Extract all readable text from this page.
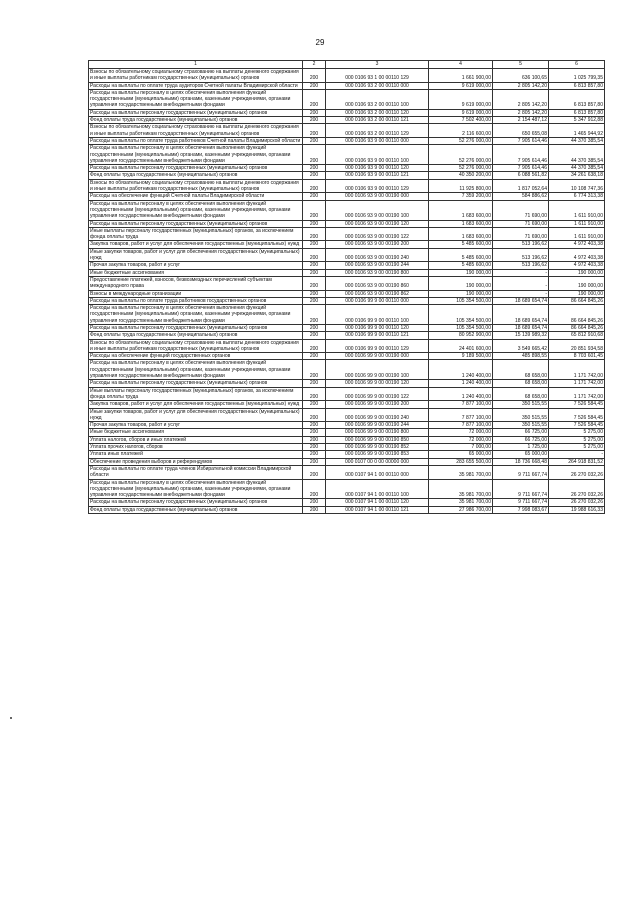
29
1	2	3	4	5	6
Взносы по обязательному социальному страхованию на выплаты денежного содержания и иные выплаты работникам государственных (муниципальных) органов	200	000 0106 93 1 00 00110 129	1 661 900,00	636 100,65	1 025 799,35
Расходы на выплаты по оплате труда аудиторов Счетной палаты Владимирской области	200	000 0106 93 2 00 00110 000	9 619 000,00	2 805 142,20	6 813 857,80
Расходы на выплаты персоналу в целях обеспечения выполнения функций государственными (муниципальными) органами, казенными учреждениями, органами управления государственными внебюджетными фондами	200	000 0106 93 2 00 00110 100	9 619 000,00	2 805 142,20	6 813 857,80
Расходы на выплаты персоналу государственных (муниципальных) органов	200	000 0106 93 2 00 00110 120	9 619 000,00	2 805 142,20	6 813 857,80
Фонд оплаты труда государственных (муниципальных) органов	200	000 0106 93 2 00 00110 121	7 502 400,00	2 154 487,12	5 347 912,88
Взносы по обязательному социальному страхованию на выплаты денежного содержания и иные выплаты работникам государственных (муниципальных) органов	200	000 0106 93 2 00 00110 129	2 116 600,00	650 655,08	1 465 944,92
Расходы на выплаты по оплате труда работников Счетной палаты Владимирской области	200	000 0106 93 9 00 00110 000	52 276 000,00	7 905 614,46	44 370 385,54
Расходы на выплаты персоналу в целях обеспечения выполнения функций государственными (муниципальными) органами, казенными учреждениями, органами управления государственными внебюджетными фондами	200	000 0106 93 9 00 00110 100	52 276 000,00	7 905 614,46	44 370 385,54
Расходы на выплаты персоналу государственных (муниципальных) органов	200	000 0106 93 9 00 00110 120	52 276 000,00	7 905 614,46	44 370 385,54
Фонд оплаты труда государственных (муниципальных) органов	200	000 0106 93 9 00 00110 121	40 350 200,00	6 088 561,82	34 261 638,18
Взносы по обязательному социальному страхованию на выплаты денежного содержания и иные выплаты работникам государственных (муниципальных) органов	200	000 0106 93 9 00 00110 129	11 925 800,00	1 817 052,64	10 108 747,36
Расходы на обеспечение функций Счетной палаты Владимирской области	200	000 0106 93 9 00 00190 000	7 359 200,00	584 886,62	6 774 313,38
Расходы на выплаты персоналу в целях обеспечения выполнения функций государственными (муниципальными) органами, казенными учреждениями, органами управления государственными внебюджетными фондами	200	000 0106 93 9 00 00190 100	1 683 600,00	71 690,00	1 611 910,00
Расходы на выплаты персоналу государственных (муниципальных) органов	200	000 0106 93 9 00 00190 120	1 683 600,00	71 690,00	1 611 910,00
Иные выплаты персоналу государственных (муниципальных) органов, за исключением фонда оплаты труда	200	000 0106 93 9 00 00190 122	1 683 600,00	71 690,00	1 611 910,00
Закупка товаров, работ и услуг для обеспечения государственных (муниципальных) нужд	200	000 0106 93 9 00 00190 200	5 485 600,00	513 196,62	4 972 403,38
Иные закупки товаров, работ и услуг для обеспечения государственных (муниципальных) нужд	200	000 0106 93 9 00 00190 240	5 485 600,00	513 196,62	4 972 403,38
Прочая закупка товаров, работ и услуг	200	000 0106 93 9 00 00190 244	5 485 600,00	513 196,62	4 972 403,38
Иные бюджетные ассигнования	200	000 0106 93 9 00 00190 800	190 000,00	-	190 000,00
Предоставление платежей, взносов, безвозмездных перечислений субъектам международного права	200	000 0106 93 9 00 00190 860	190 000,00	-	190 000,00
Взносы в международные организации	200	000 0106 93 9 00 00190 862	190 000,00	-	190 000,00
Расходы на выплаты по оплате труда работников государственных органов	200	000 0106 99 9 00 00110 000	105 354 500,00	18 689 654,74	86 664 845,26
Расходы на выплаты персоналу в целях обеспечения выполнения функций государственными (муниципальными) органами, казенными учреждениями, органами управления государственными внебюджетными фондами	200	000 0106 99 9 00 00110 100	105 354 500,00	18 689 654,74	86 664 845,26
Расходы на выплаты персоналу государственных (муниципальных) органов	200	000 0106 99 9 00 00110 120	105 354 500,00	18 689 654,74	86 664 845,26
Фонд оплаты труда государственных (муниципальных) органов	200	000 0106 99 9 00 00110 121	80 952 900,00	15 139 989,32	65 812 910,68
Взносы по обязательному социальному страхованию на выплаты денежного содержания и иные выплаты работникам государственных (муниципальных) органов	200	000 0106 99 9 00 00110 129	24 401 600,00	3 549 665,42	20 851 934,58
Расходы на обеспечение функций государственных органов	200	000 0106 99 9 00 00190 000	9 189 500,00	485 898,55	8 703 601,45
Расходы на выплаты персоналу в целях обеспечения выполнения функций государственными (муниципальными) органами, казенными учреждениями, органами управления государственными внебюджетными фондами	200	000 0106 99 9 00 00190 100	1 240 400,00	68 658,00	1 171 742,00
Расходы на выплаты персоналу государственных (муниципальных) органов	200	000 0106 99 9 00 00190 120	1 240 400,00	68 658,00	1 171 742,00
Иные выплаты персоналу государственных (муниципальных) органов, за исключением фонда оплаты труда	200	000 0106 99 9 00 00190 122	1 240 400,00	68 658,00	1 171 742,00
Закупка товаров, работ и услуг для обеспечения государственных (муниципальных) нужд	200	000 0106 99 9 00 00190 200	7 877 100,00	350 515,55	7 526 584,45
Иные закупки товаров, работ и услуг для обеспечения государственных (муниципальных) нужд	200	000 0106 99 9 00 00190 240	7 877 100,00	350 515,55	7 526 584,45
Прочая закупка товаров, работ и услуг	200	000 0106 99 9 00 00190 244	7 877 100,00	350 515,55	7 526 584,45
Иные бюджетные ассигнования	200	000 0106 99 9 00 00190 800	72 000,00	66 725,00	5 275,00
Уплата налогов, сборов и иных платежей	200	000 0106 99 9 00 00190 850	72 000,00	66 725,00	5 275,00
Уплата прочих налогов, сборов	200	000 0106 99 9 00 00190 852	7 000,00	1 725,00	5 275,00
Уплата иных платежей	200	000 0106 99 9 00 00190 853	65 000,00	65 000,00	-
Обеспечение проведения выборов и референдумов	200	000 0107 00 0 00 00000 000	283 655 500,00	18 736 668,48	264 918 831,52
Расходы на выплаты по оплате труда членов Избирательной комиссии Владимирской области	200	000 0107 94 1 00 00110 000	35 981 700,00	9 711 667,74	26 270 032,26
Расходы на выплаты персоналу в целях обеспечения выполнения функций государственными (муниципальными) органами, казенными учреждениями, органами управления государственными внебюджетными фондами	200	000 0107 94 1 00 00110 100	35 981 700,00	9 711 667,74	26 270 032,26
Расходы на выплаты персоналу государственных (муниципальных) органов	200	000 0107 94 1 00 00110 120	35 981 700,00	9 711 667,74	26 270 032,26
Фонд оплаты труда государственных (муниципальных) органов	200	000 0107 94 1 00 00110 121	27 986 700,00	7 998 083,67	19 988 616,33
